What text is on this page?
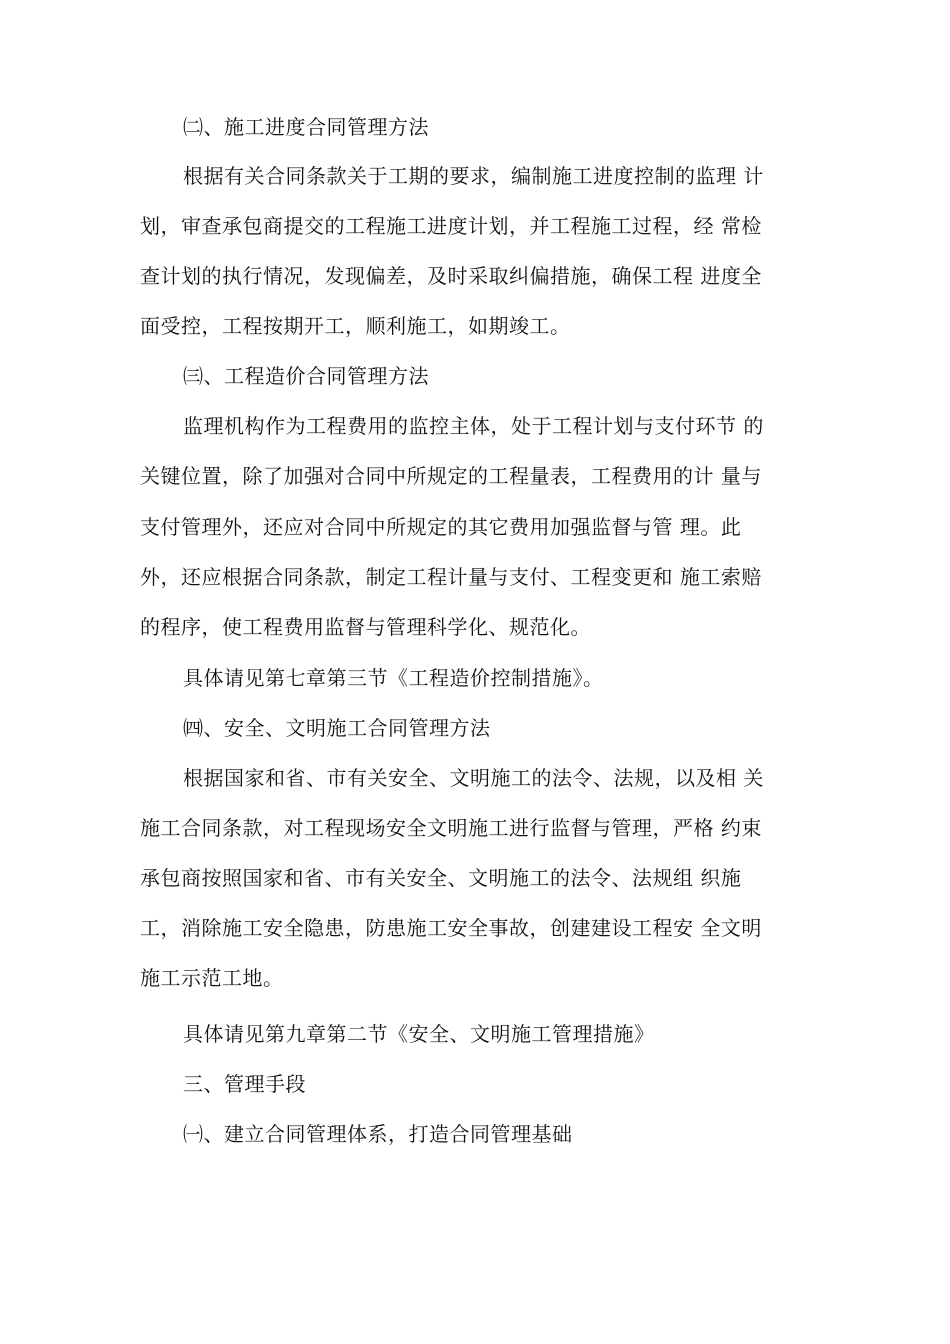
㈡、施工进度合同管理方法
根据有关合同条款关于工期的要求，编制施工进度控制的监理 计
划，审查承包商提交的工程施工进度计划，并工程施工过程，经 常检
查计划的执行情况，发现偏差，及时采取纠偏措施，确保工程 进度全
面受控，工程按期开工，顺利施工，如期竣工。
㈢、工程造价合同管理方法
监理机构作为工程费用的监控主体，处于工程计划与支付环节 的
关键位置，除了加强对合同中所规定的工程量表，工程费用的计 量与
支付管理外，还应对合同中所规定的其它费用加强监督与管 理。此
外，还应根据合同条款，制定工程计量与支付、工程变更和 施工索赔
的程序，使工程费用监督与管理科学化、规范化。
具体请见第七章第三节《工程造价控制措施》。
㈣、安全、文明施工合同管理方法
根据国家和省、市有关安全、文明施工的法令、法规，以及相 关
施工合同条款，对工程现场安全文明施工进行监督与管理，严格 约束
承包商按照国家和省、市有关安全、文明施工的法令、法规组 织施
工，消除施工安全隐患，防患施工安全事故，创建建设工程安 全文明
施工示范工地。
具体请见第九章第二节《安全、文明施工管理措施》
三、管理手段
㈠、建立合同管理体系，打造合同管理基础
